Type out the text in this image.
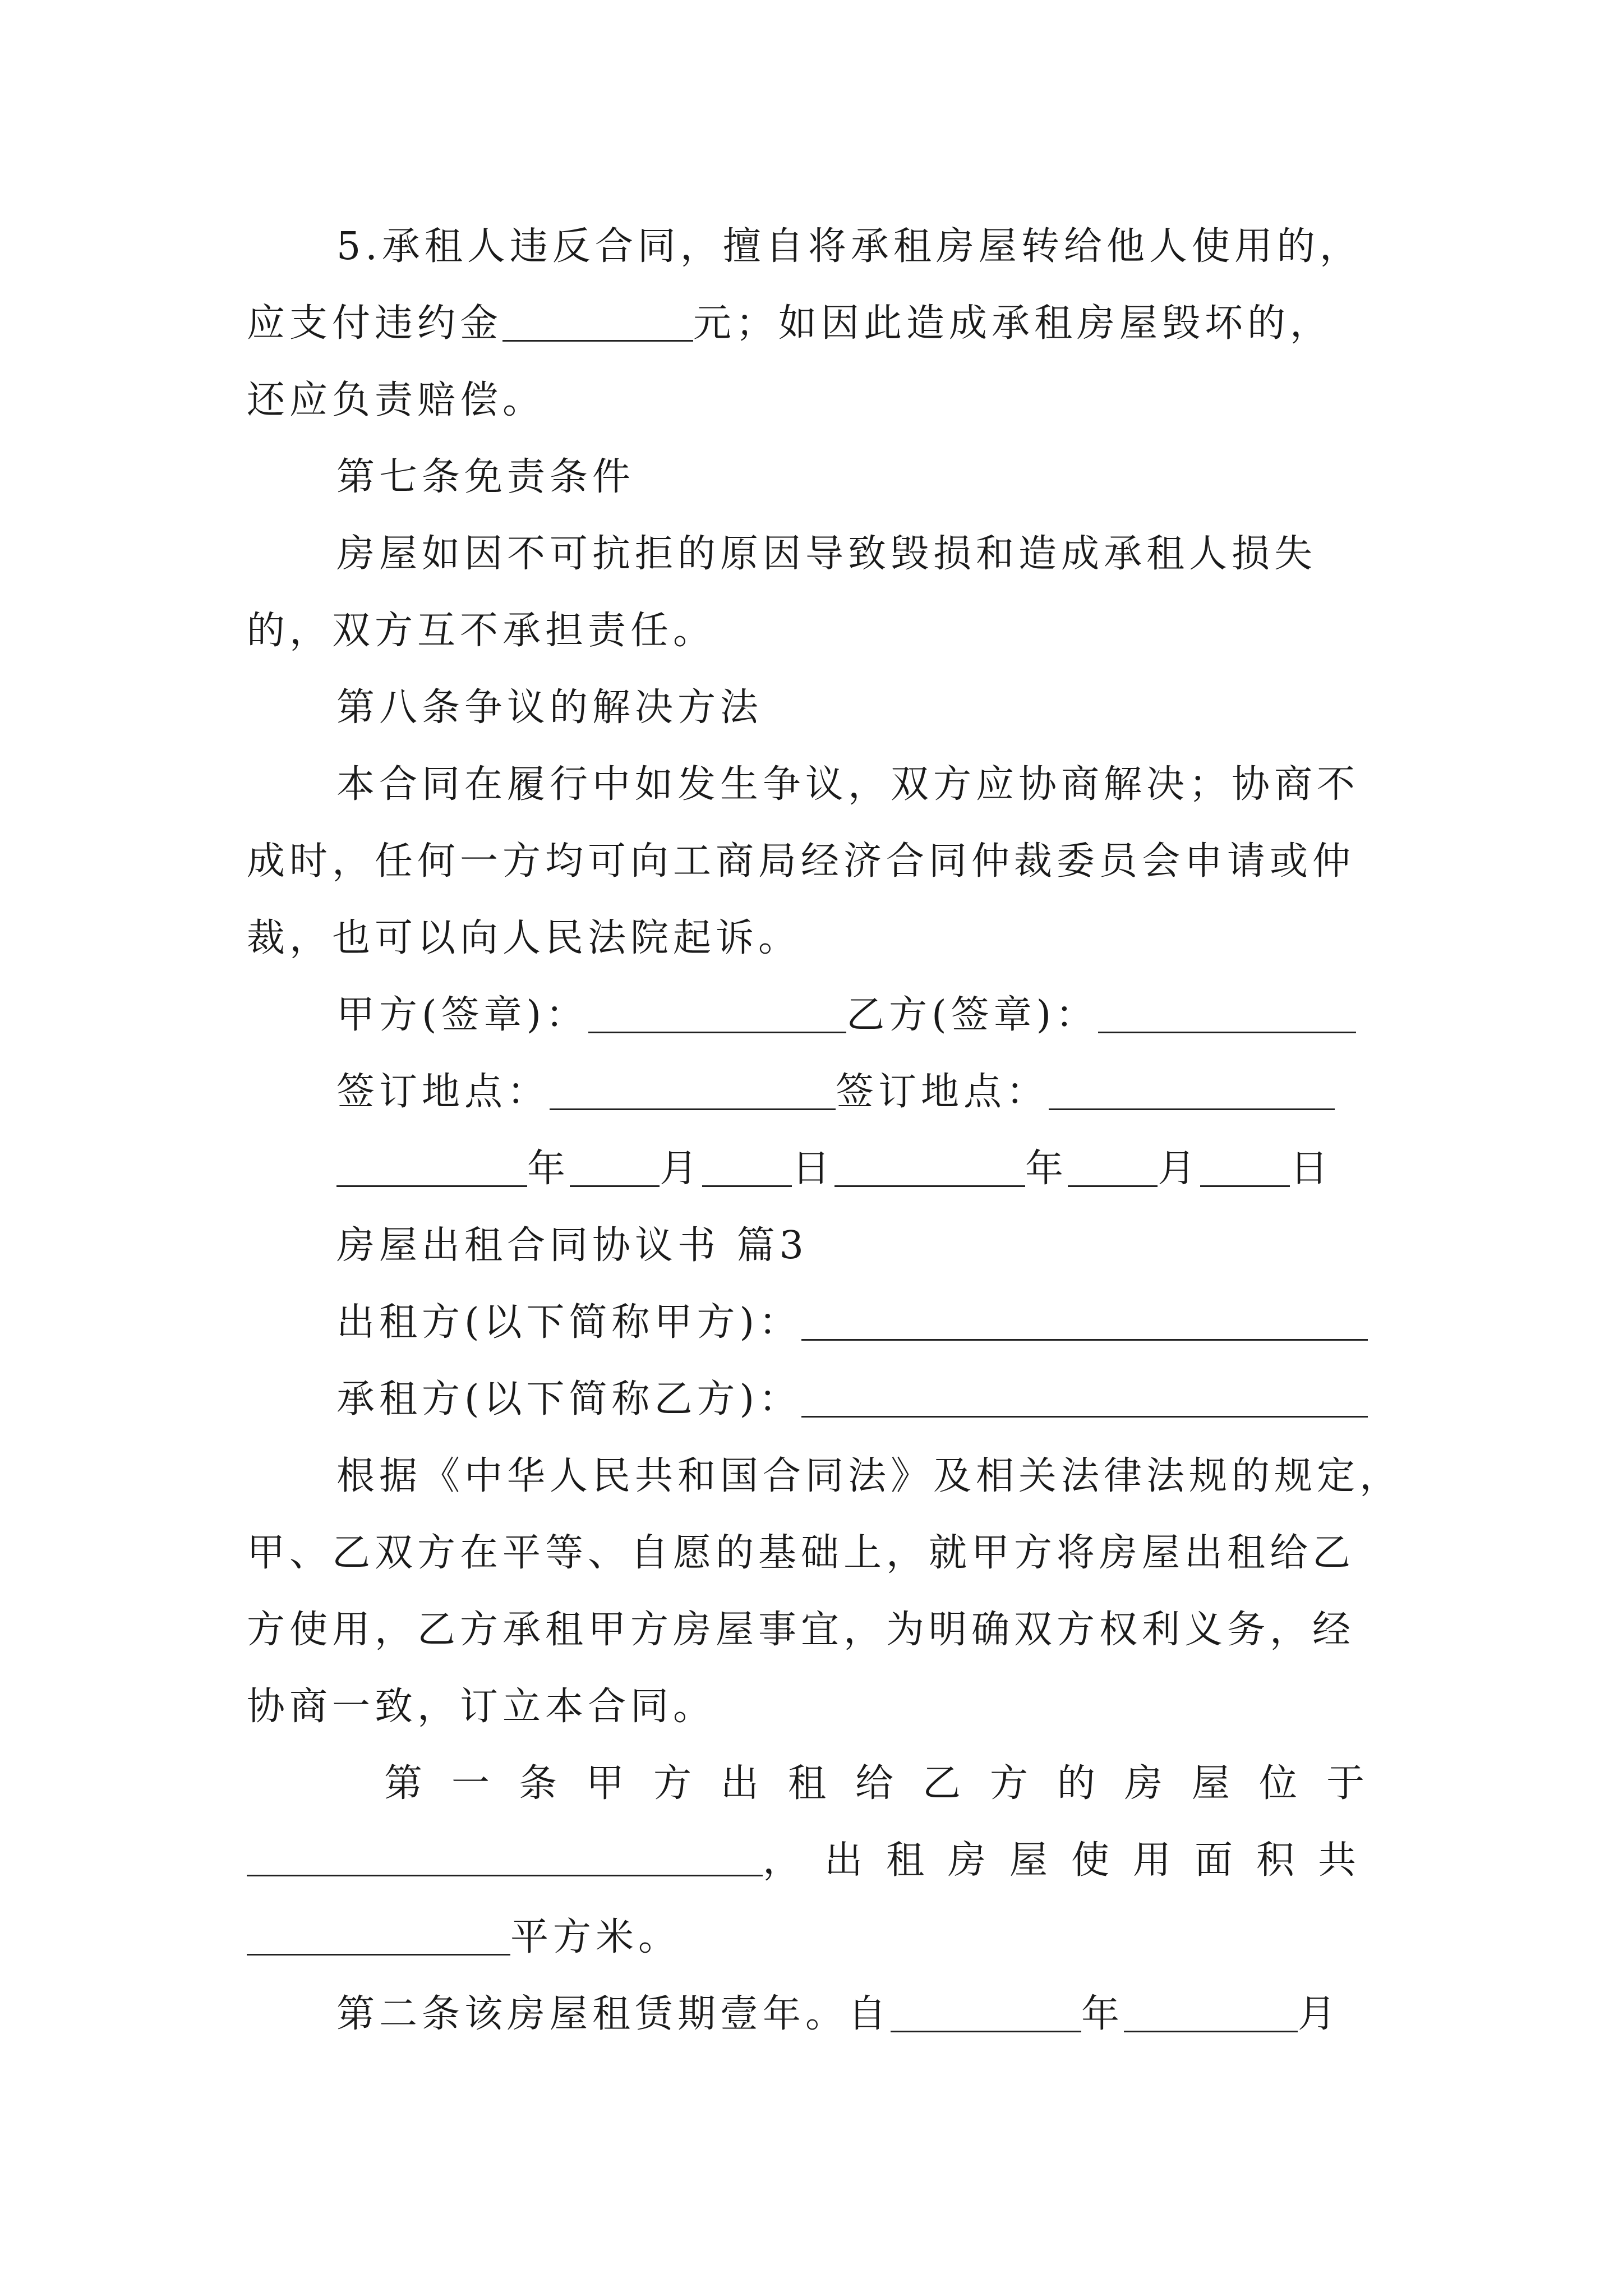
5.承租人违反合同，擅自将承租房屋转给他人使用的，
应支付违约金	元；如因此造成承租房屋毁坏的，
还应负责赔偿。
第七条免责条件
房屋如因不可抗拒的原因导致毁损和造成承租人损失
的，双方互不承担责任。
第八条争议的解决方法
本合同在履行中如发生争议，双方应协商解决；协商不
成时，任何一方均可向工商局经济合同仲裁委员会申请或仲
裁，也可以向人民法院起诉。
甲方(签章)：	乙方(签章)：
签订地点：	签订地点：
年 月 日	年 月 日
房屋出租合同协议书 篇3
出租方(以下简称甲方)：
承租方(以下简称乙方)：
根据《中华人民共和国合同法》及相关法律法规的规定，
甲、乙双方在平等、自愿的基础上，就甲方将房屋出租给乙
方使用，乙方承租甲方房屋事宜，为明确双方权利义务，经
协商一致，订立本合同。
第一条甲方出租给乙方的房屋位于
，出租房屋使用面积共
平方米。
第二条该房屋租赁期壹年。自	年	月
